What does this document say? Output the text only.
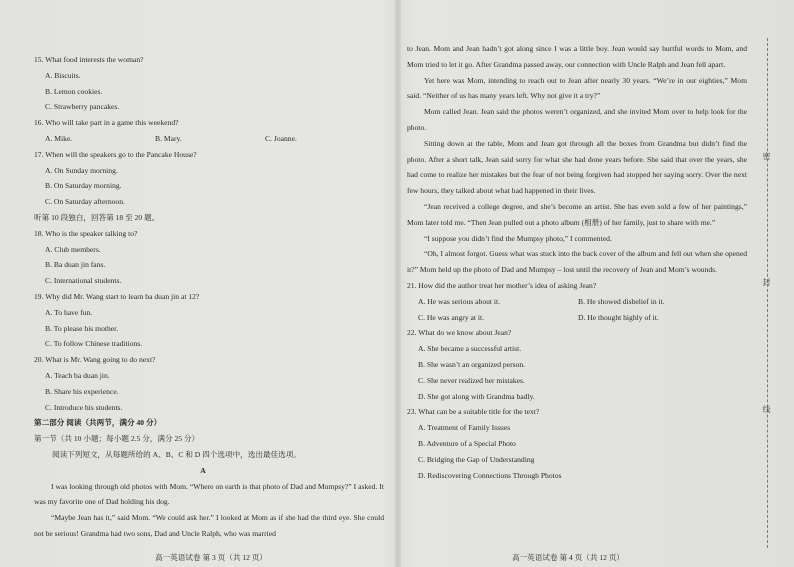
15. What food interests the woman?
A. Biscuits.
B. Lemon cookies.
C. Strawberry pancakes.
16. Who will take part in a game this weekend?
A. Mike.	B. Mary.	C. Joanne.
17. When will the speakers go to the Pancake House?
A. On Sunday morning.
B. On Saturday morning.
C. On Saturday afternoon.
听第 10 段独白，回答第 18 至 20 题。
18. Who is the speaker talking to?
A. Club members.
B. Ba duan jin fans.
C. International students.
19. Why did Mr. Wang start to learn ba duan jin at 12?
A. To have fun.
B. To please his mother.
C. To follow Chinese traditions.
20. What is Mr. Wang going to do next?
A. Teach ba duan jin.
B. Share his experience.
C. Introduce his students.
第二部分 阅读（共两节，满分 40 分）
第一节（共 10 小题；每小题 2.5 分，满分 25 分）
阅读下列短文，从每题所给的 A、B、C 和 D 四个选项中，选出最佳选项。
A
I was looking through old photos with Mom. “Where on earth is that photo of Dad and Mumpsy?” I asked. It was my favorite one of Dad holding his dog.
“Maybe Jean has it,” said Mom. “We could ask her.” I looked at Mom as if she had the third eye. She could not be serious! Grandma had two sons, Dad and Uncle Ralph, who was married
高一英语试卷 第 3 页（共 12 页）
to Jean. Mom and Jean hadn’t got along since I was a little boy. Jean would say hurtful words to Mom, and Mom tried to let it go. After Grandma passed away, our connection with Uncle Ralph and Jean fell apart.
Yet here was Mom, intending to reach out to Jean after nearly 30 years. “We’re in our eighties,” Mom said. “Neither of us has many years left. Why not give it a try?”
Mom called Jean. Jean said the photos weren’t organized, and she invited Mom over to help look for the photo.
Sitting down at the table, Mom and Jean got through all the boxes from Grandma but didn’t find the photo. After a short talk, Jean said sorry for what she had done years before. She said that over the years, she had come to realize her mistakes but the fear of not being forgiven had stopped her saying sorry. Over the next few hours, they talked about what had happened in their lives.
“Jean received a college degree, and she’s become an artist. She has even sold a few of her paintings,” Mom later told me. “Then Jean pulled out a photo album (相册) of her family, just to share with me.”
“I suppose you didn’t find the Mumpsy photo,” I commented.
“Oh, I almost forgot. Guess what was stuck into the back cover of the album and fell out when she opened it?” Mom held up the photo of Dad and Mumpsy – lost until the recovery of Jean and Mom’s wounds.
21. How did the author treat her mother’s idea of asking Jean?
A. He was serious about it.	B. He showed disbelief in it.
C. He was angry at it.	D. He thought highly of it.
22. What do we know about Jean?
A. She became a successful artist.
B. She wasn’t an organized person.
C. She never realized her mistakes.
D. She got along with Grandma badly.
23. What can be a suitable title for the text?
A. Treatment of Family Issues
B. Adventure of a Special Photo
C. Bridging the Gap of Understanding
D. Rediscovering Connections Through Photos
高一英语试卷 第 4 页（共 12 页）
密
封
线
